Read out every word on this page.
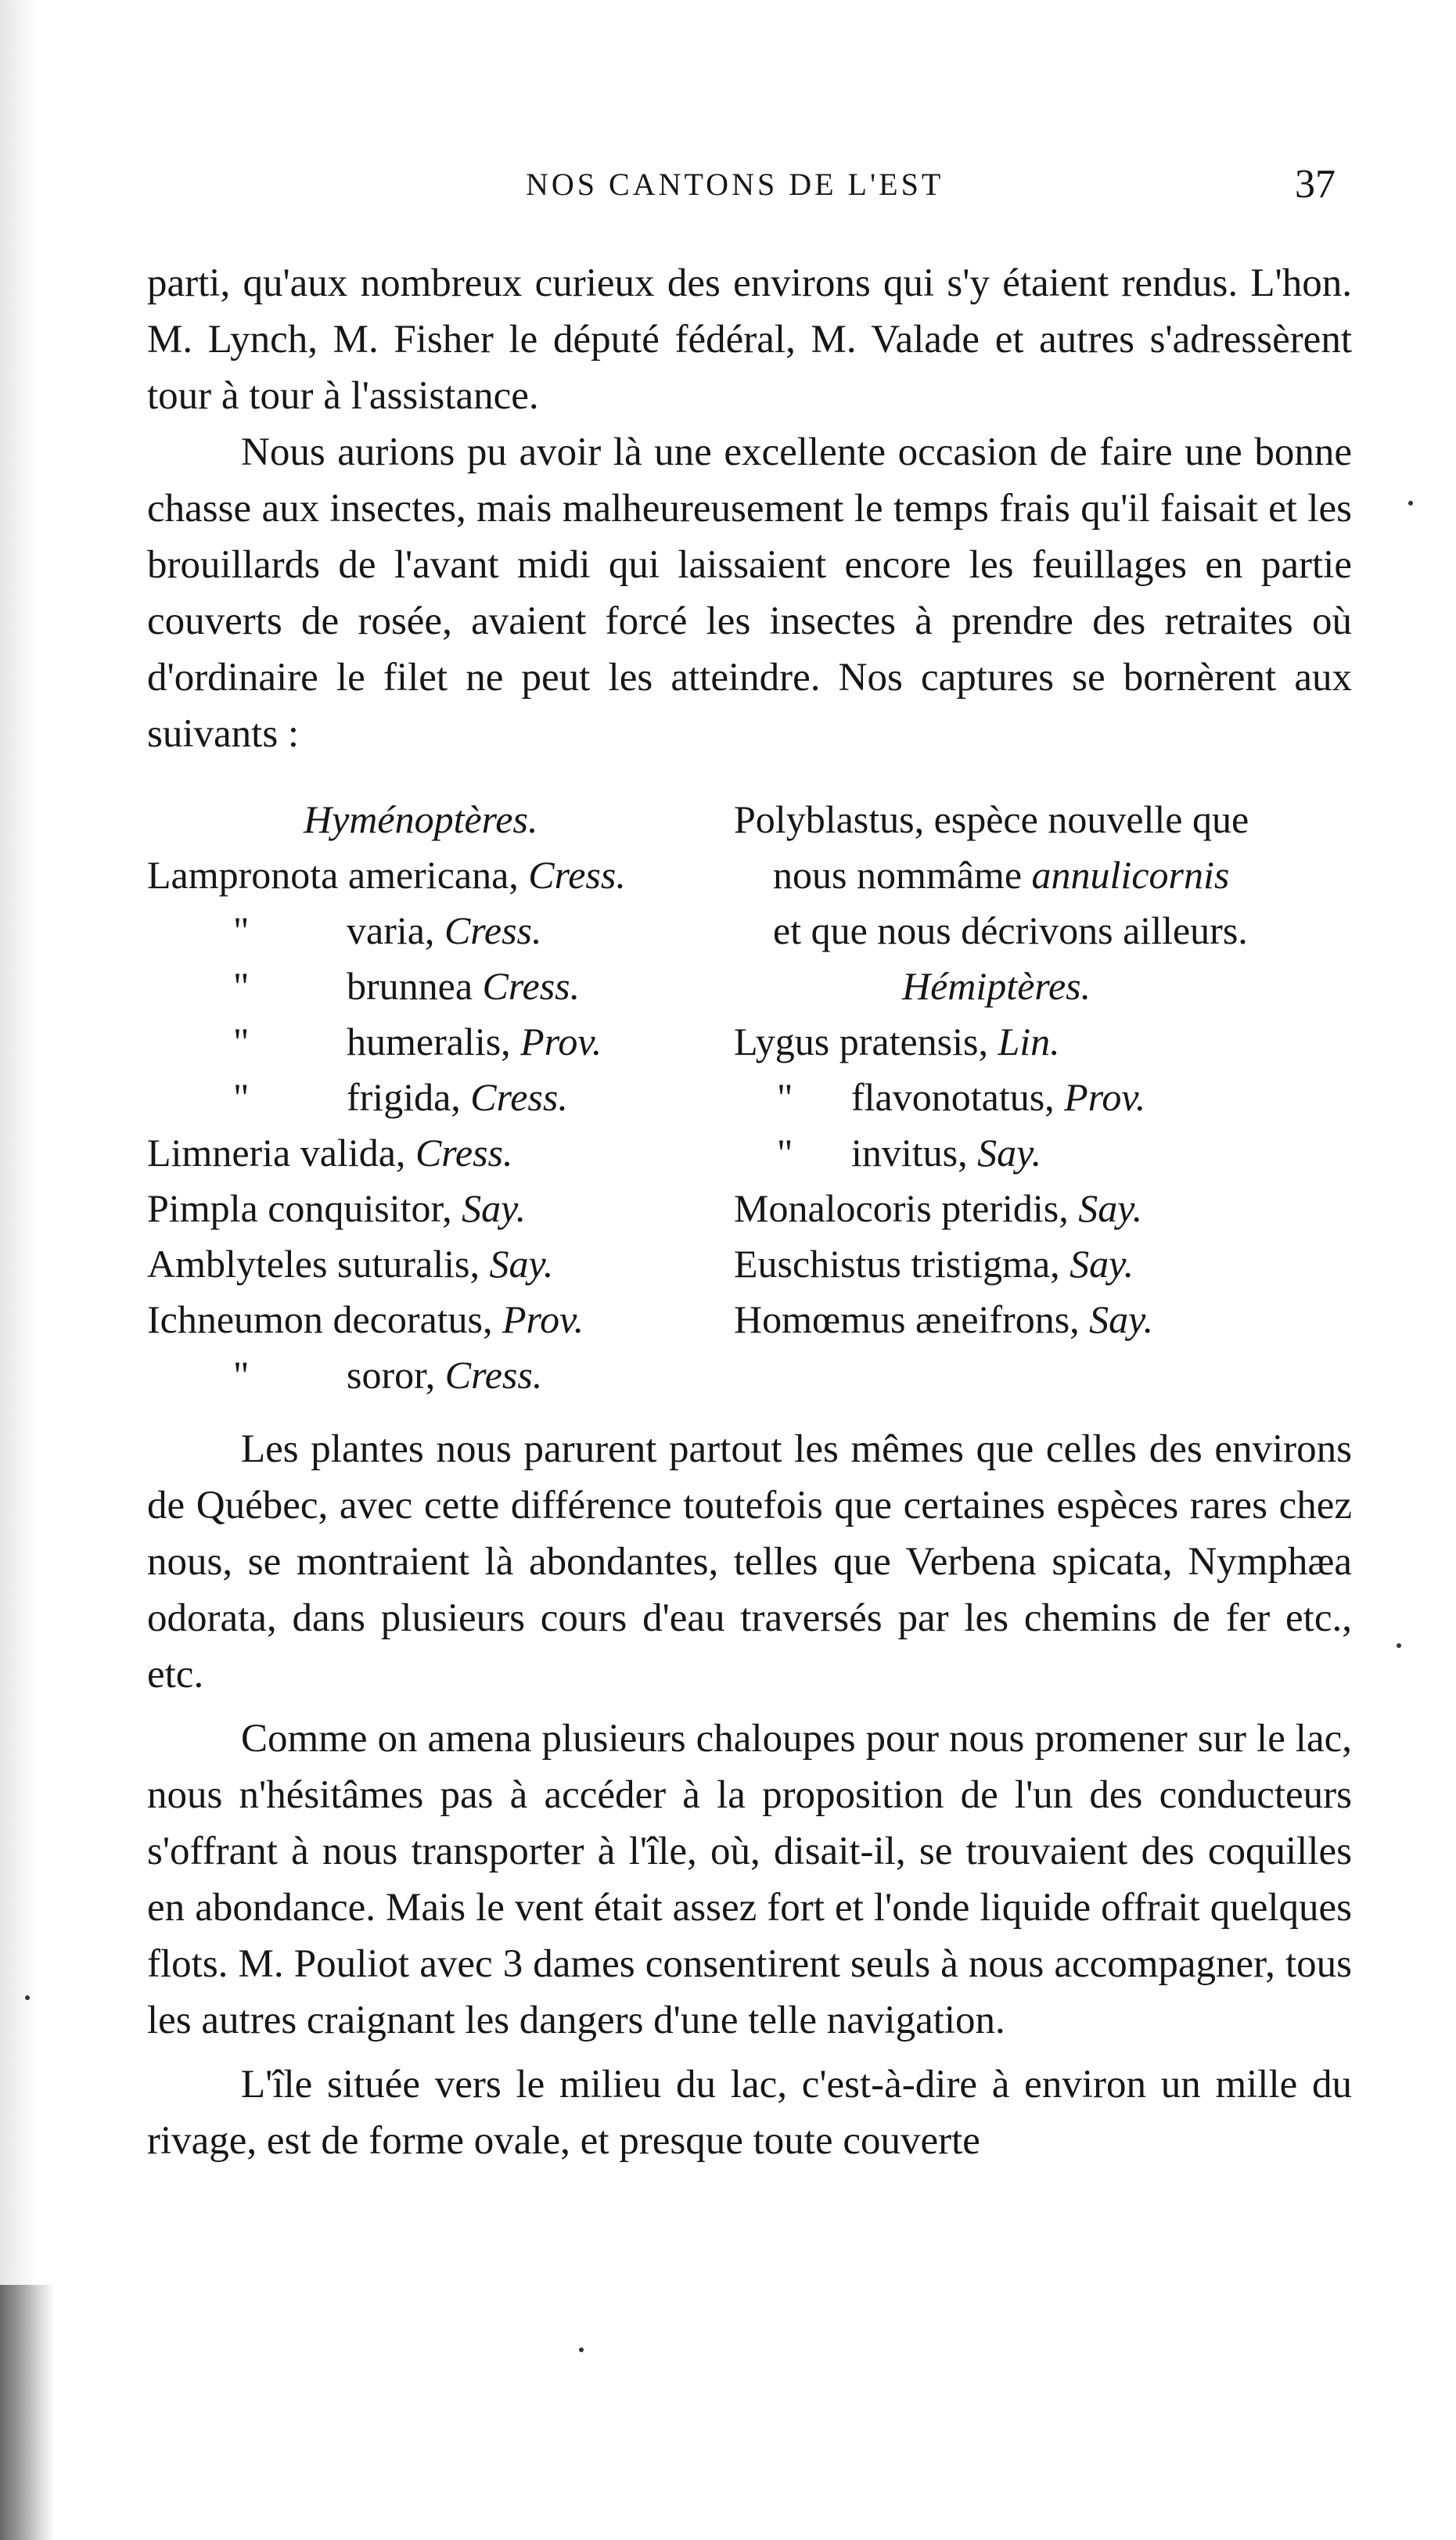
NOS CANTONS DE L'EST	37

parti, qu'aux nombreux curieux des environs qui s'y étaient rendus. L'hon. M. Lynch, M. Fisher le député fédéral, M. Valade et autres s'adressèrent tour à tour à l'assistance.

Nous aurions pu avoir là une excellente occasion de faire une bonne chasse aux insectes, mais malheureusement le temps frais qu'il faisait et les brouillards de l'avant midi qui laissaient encore les feuillages en partie couverts de rosée, avaient forcé les insectes à prendre des retraites où d'ordinaire le filet ne peut les atteindre. Nos captures se bornèrent aux suivants :

Hyménoptères.
Lampronota americana, Cress.
" varia, Cress.
" brunnea Cress.
" humeralis, Prov.
" frigida, Cress.
Limneria valida, Cress.
Pimpla conquisitor, Say.
Amblyteles suturalis, Say.
Ichneumon decoratus, Prov.
" soror, Cress.
Polyblastus, espèce nouvelle que
nous nommâme annulicornis
et que nous décrivons ailleurs.
Hémiptères.
Lygus pratensis, Lin.
" flavonotatus, Prov.
" invitus, Say.
Monalocoris pteridis, Say.
Euschistus tristigma, Say.
Homœmus æneifrons, Say.

Les plantes nous parurent partout les mêmes que celles des environs de Québec, avec cette différence toutefois que certaines espèces rares chez nous, se montraient là abondantes, telles que Verbena spicata, Nymphæa odorata, dans plusieurs cours d'eau traversés par les chemins de fer etc., etc.

Comme on amena plusieurs chaloupes pour nous promener sur le lac, nous n'hésitâmes pas à accéder à la proposition de l'un des conducteurs s'offrant à nous transporter à l'île, où, disait-il, se trouvaient des coquilles en abondance. Mais le vent était assez fort et l'onde liquide offrait quelques flots. M. Pouliot avec 3 dames consentirent seuls à nous accompagner, tous les autres craignant les dangers d'une telle navigation.

L'île située vers le milieu du lac, c'est-à-dire à environ un mille du rivage, est de forme ovale, et presque toute couverte
